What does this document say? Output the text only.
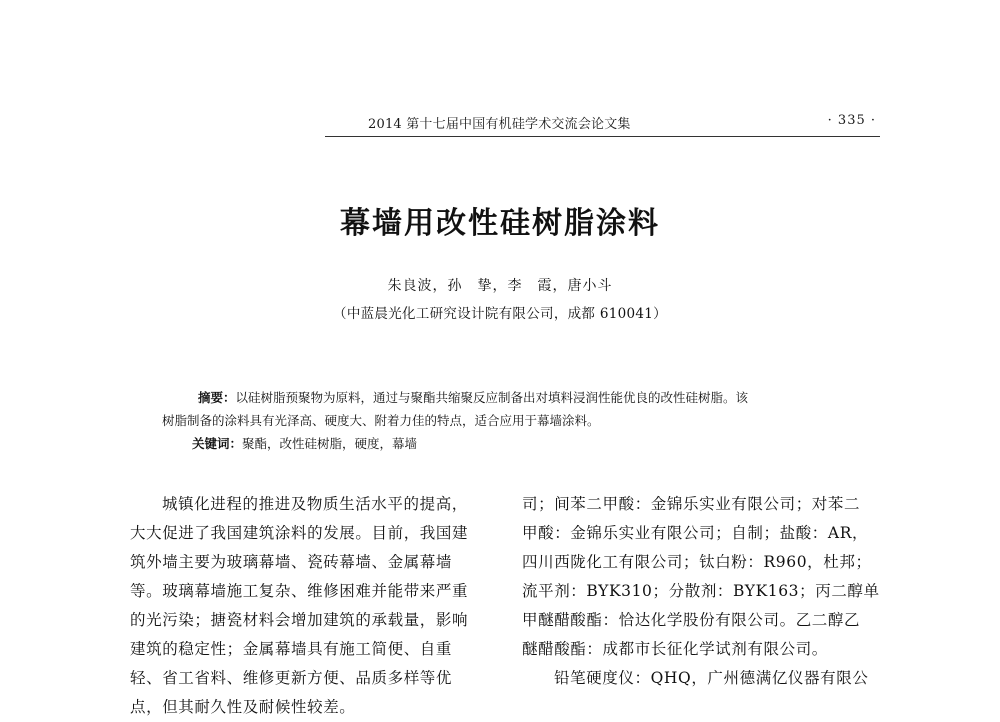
2014 第十七届中国有机硅学术交流会论文集	· 335 ·
幕墙用改性硅树脂涂料
朱良波，孙　挚，李　霞，唐小斗
（中蓝晨光化工研究设计院有限公司，成都 610041）
摘要：以硅树脂预聚物为原料，通过与聚酯共缩聚反应制备出对填料浸润性能优良的改性硅树脂。该
树脂制备的涂料具有光泽高、硬度大、附着力佳的特点，适合应用于幕墙涂料。
关键词：聚酯，改性硅树脂，硬度，幕墙
城镇化进程的推进及物质生活水平的提高，
大大促进了我国建筑涂料的发展。目前，我国建
筑外墙主要为玻璃幕墙、瓷砖幕墙、金属幕墙
等。玻璃幕墙施工复杂、维修困难并能带来严重
的光污染；搪瓷材料会增加建筑的承载量，影响
建筑的稳定性；金属幕墙具有施工简便、自重
轻、省工省料、维修更新方便、品质多样等优
点，但其耐久性及耐候性较差。
司；间苯二甲酸：金锦乐实业有限公司；对苯二
甲酸：金锦乐实业有限公司；自制；盐酸：AR，
四川西陇化工有限公司；钛白粉：R960，杜邦；
流平剂：BYK310；分散剂：BYK163；丙二醇单
甲醚醋酸酯：恰达化学股份有限公司。乙二醇乙
醚醋酸酯：成都市长征化学试剂有限公司。
铅笔硬度仪：QHQ，广州德满亿仪器有限公
